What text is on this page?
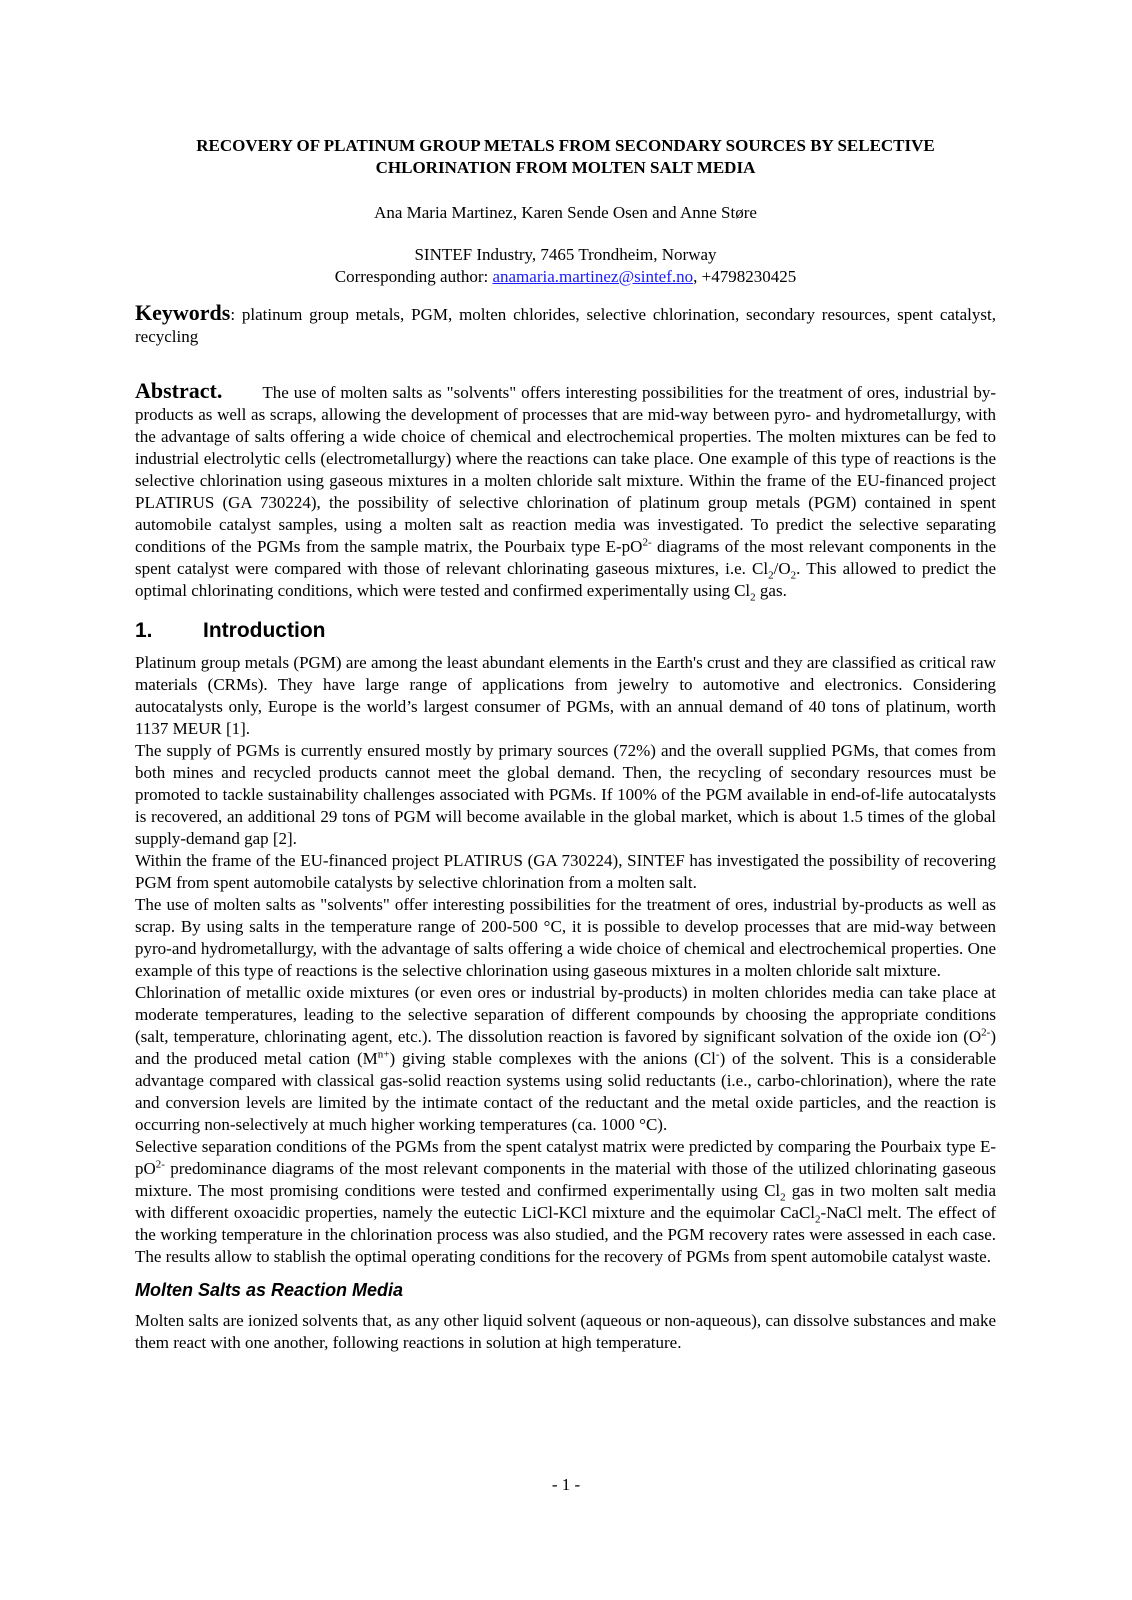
RECOVERY OF PLATINUM GROUP METALS FROM SECONDARY SOURCES BY SELECTIVE
CHLORINATION FROM MOLTEN SALT MEDIA
Ana Maria Martinez, Karen Sende Osen and Anne Støre
SINTEF Industry, 7465 Trondheim, Norway
Corresponding author: anamaria.martinez@sintef.no, +4798230425

Keywords: platinum group metals, PGM, molten chlorides, selective chlorination, secondary resources, spent catalyst, recycling

Abstract. The use of molten salts as "solvents" offers interesting possibilities for the treatment of ores, industrial by-products as well as scraps, allowing the development of processes that are mid-way between pyro- and hydrometallurgy, with the advantage of salts offering a wide choice of chemical and electrochemical properties. The molten mixtures can be fed to industrial electrolytic cells (electrometallurgy) where the reactions can take place. One example of this type of reactions is the selective chlorination using gaseous mixtures in a molten chloride salt mixture. Within the frame of the EU-financed project PLATIRUS (GA 730224), the possibility of selective chlorination of platinum group metals (PGM) contained in spent automobile catalyst samples, using a molten salt as reaction media was investigated. To predict the selective separating conditions of the PGMs from the sample matrix, the Pourbaix type $E-pO^{2-}$ diagrams of the most relevant components in the spent catalyst were compared with those of relevant chlorinating gaseous mixtures, i.e. $Cl_2/O_2$. This allowed to predict the optimal chlorinating conditions, which were tested and confirmed experimentally using $Cl_2$ gas.

1. Introduction

Platinum group metals (PGM) are among the least abundant elements in the Earth's crust and they are classified as critical raw materials (CRMs). They have large range of applications from jewelry to automotive and electronics. Considering autocatalysts only, Europe is the world’s largest consumer of PGMs, with an annual demand of 40 tons of platinum, worth 1137 MEUR [1].

The supply of PGMs is currently ensured mostly by primary sources (72%) and the overall supplied PGMs, that comes from both mines and recycled products cannot meet the global demand. Then, the recycling of secondary resources must be promoted to tackle sustainability challenges associated with PGMs. If 100% of the PGM available in end-of-life autocatalysts is recovered, an additional 29 tons of PGM will become available in the global market, which is about 1.5 times of the global supply-demand gap [2].

Within the frame of the EU-financed project PLATIRUS (GA 730224), SINTEF has investigated the possibility of recovering PGM from spent automobile catalysts by selective chlorination from a molten salt.

The use of molten salts as "solvents" offer interesting possibilities for the treatment of ores, industrial by-products as well as scrap. By using salts in the temperature range of 200-500 °C, it is possible to develop processes that are mid-way between pyro-and hydrometallurgy, with the advantage of salts offering a wide choice of chemical and electrochemical properties. One example of this type of reactions is the selective chlorination using gaseous mixtures in a molten chloride salt mixture.

Chlorination of metallic oxide mixtures (or even ores or industrial by-products) in molten chlorides media can take place at moderate temperatures, leading to the selective separation of different compounds by choosing the appropriate conditions (salt, temperature, chlorinating agent, etc.). The dissolution reaction is favored by significant solvation of the oxide ion $(O^{2-})$ and the produced metal cation $(M^{n+})$ giving stable complexes with the anions (Cl-) of the solvent. This is a considerable advantage compared with classical gas-solid reaction systems using solid reductants (i.e., carbo-chlorination), where the rate and conversion levels are limited by the intimate contact of the reductant and the metal oxide particles, and the reaction is occurring non-selectively at much higher working temperatures (ca. 1000 °C).

Selective separation conditions of the PGMs from the spent catalyst matrix were predicted by comparing the Pourbaix type $E-pO^{2-}$ predominance diagrams of the most relevant components in the material with those of the utilized chlorinating gaseous mixture. The most promising conditions were tested and confirmed experimentally using $Cl_2$ gas in two molten salt media with different oxoacidic properties, namely the eutectic LiCl-KCl mixture and the equimolar CaCl$_2$-NaCl melt. The effect of the working temperature in the chlorination process was also studied, and the PGM recovery rates were assessed in each case. The results allow to stablish the optimal operating conditions for the recovery of PGMs from spent automobile catalyst waste.

Molten Salts as Reaction Media

Molten salts are ionized solvents that, as any other liquid solvent (aqueous or non-aqueous), can dissolve substances and make them react with one another, following reactions in solution at high temperature.

- 1 -
